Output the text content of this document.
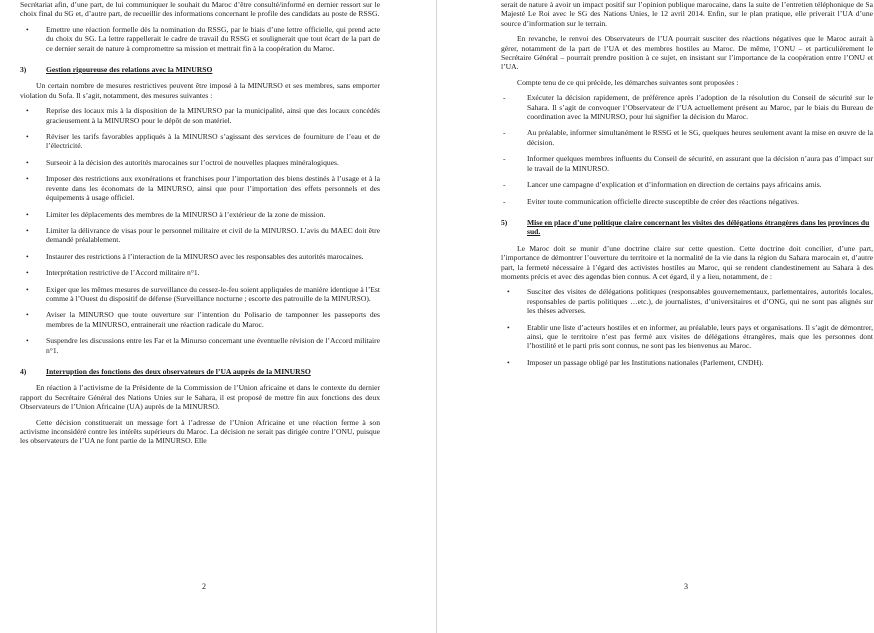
Secrétariat afin, d’une part, de lui communiquer le souhait du Maroc d’être consulté/informé en dernier ressort sur le choix final du SG et, d’autre part, de recueillir des informations concernant le profile des candidats au poste de RSSG.

• Emettre une réaction formelle dès la nomination du RSSG, par le biais d’une lettre officielle, qui prend acte du choix du SG. La lettre rappellerait le cadre de travail du RSSG et soulignerait que tout écart de la part de ce dernier serait de nature à compromettre sa mission et mettrait fin à la coopération du Maroc.
3)	Gestion rigoureuse des relations avec la MINURSO

Un certain nombre de mesures restrictives peuvent être imposé à la MINURSO et ses membres, sans emporter violation du Sofa. Il s’agit, notamment, des mesures suivantes :

• Reprise des locaux mis à la disposition de la MINURSO par la municipalité, ainsi que des locaux concédés gracieusement à la MINURSO pour le dépôt de son matériel.
• Réviser les tarifs favorables appliqués à la MINURSO s’agissant des services de fourniture de l’eau et de l’électricité.
• Surseoir à la décision des autorités marocaines sur l’octroi de nouvelles plaques minéralogiques.
• Imposer des restrictions aux exonérations et franchises pour l’importation des biens destinés à l’usage et à la revente dans les économats de la MINURSO, ainsi que pour l’importation des effets personnels et des équipements à usage officiel.
• Limiter les déplacements des membres de la MINURSO à l’extérieur de la zone de mission.
• Limiter la délivrance de visas pour le personnel militaire et civil de la MINURSO. L’avis du MAEC doit être demandé préalablement.
• Instaurer des restrictions à l’interaction de la MINURSO avec les responsables des autorités marocaines.
• Interprétation restrictive de l’Accord militaire n°1.
• Exiger que les mêmes mesures de surveillance du cessez-le-feu soient appliquées de manière identique à l’Est comme à l’Ouest du dispositif de défense (Surveillance nocturne ; escorte des patrouille de la MINURSO).
• Aviser la MINURSO que toute ouverture sur l’intention du Polisario de tamponner les passeports des membres de la MINURSO, entrainerait une réaction radicale du Maroc.
• Suspendre les discussions entre les Far et la Minurso concernant une éventuelle révision de l’Accord militaire n°1.
4)	Interruption des fonctions des deux observateurs de l’UA auprès de la MINURSO

En réaction à l’activisme de la Présidente de la Commission de l’Union africaine et dans le contexte du dernier rapport du Secrétaire Général des Nations Unies sur le Sahara, il est proposé de mettre fin aux fonctions des deux Observateurs de l’Union Africaine (UA) auprès de la MINURSO.

Cette décision constituerait un message fort à l’adresse de l’Union Africaine et une réaction ferme à son activisme inconsidéré contre les intérêts supérieurs du Maroc. La décision ne serait pas dirigée contre l’ONU, puisque les observateurs de l’UA ne font partie de la MINURSO. Elle

2

serait de nature à avoir un impact positif sur l’opinion publique marocaine, dans la suite de l’entretien téléphonique de Sa Majesté Le Roi avec le SG des Nations Unies, le 12 avril 2014. Enfin, sur le plan pratique, elle priverait l’UA d’une source d’information sur le terrain.

En revanche, le renvoi des Observateurs de l’UA pourrait susciter des réactions négatives que le Maroc aurait à gérer, notamment de la part de l’UA et des membres hostiles au Maroc. De même, l’ONU – et particulièrement le Secrétaire Général – pourrait prendre position à ce sujet, en insistant sur l’importance de la coopération entre l’ONU et l’UA.

Compte tenu de ce qui précède, les démarches suivantes sont proposées :

-	Exécuter la décision rapidement, de préférence après l’adoption de la résolution du Conseil de sécurité sur le Sahara. Il s’agit de convoquer l’Observateur de l’UA actuellement présent au Maroc, par le biais du Bureau de coordination avec la MINURSO, pour lui signifier la décision du Maroc.
-	Au préalable, informer simultanément le RSSG et le SG, quelques heures seulement avant la mise en œuvre de la décision.
-	Informer quelques membres influents du Conseil de sécurité, en assurant que la décision n’aura pas d’impact sur le travail de la MINURSO.
-	Lancer une campagne d’explication et d’information en direction de certains pays africains amis.
-	Eviter toute communication officielle directe susceptible de créer des réactions négatives.
5)	Mise en place d’une politique claire concernant les visites des délégations étrangères dans les provinces du sud.

Le Maroc doit se munir d’une doctrine claire sur cette question. Cette doctrine doit concilier, d’une part, l’importance de démontrer l’ouverture du territoire et la normalité de la vie dans la région du Sahara marocain et, d’autre part, la fermeté nécessaire à l’égard des activistes hostiles au Maroc, qui se rendent clandestinement au Sahara à des moments précis et avec des agendas bien connus. A cet égard, il y a lieu, notamment, de :

• Susciter des visites de délégations politiques (responsables gouvernementaux, parlementaires, autorités locales, responsables de partis politiques …etc.), de journalistes, d’universitaires et d’ONG, qui ne sont pas alignés sur les thèses adverses.
• Etablir une liste d’acteurs hostiles et en informer, au préalable, leurs pays et organisations. Il s’agit de démontrer, ainsi, que le territoire n’est pas fermé aux visites de délégations étrangères, mais que les personnes dont l’hostilité et le parti pris sont connus, ne sont pas les bienvenus au Maroc.
• Imposer un passage obligé par les Institutions nationales (Parlement, CNDH).
3
